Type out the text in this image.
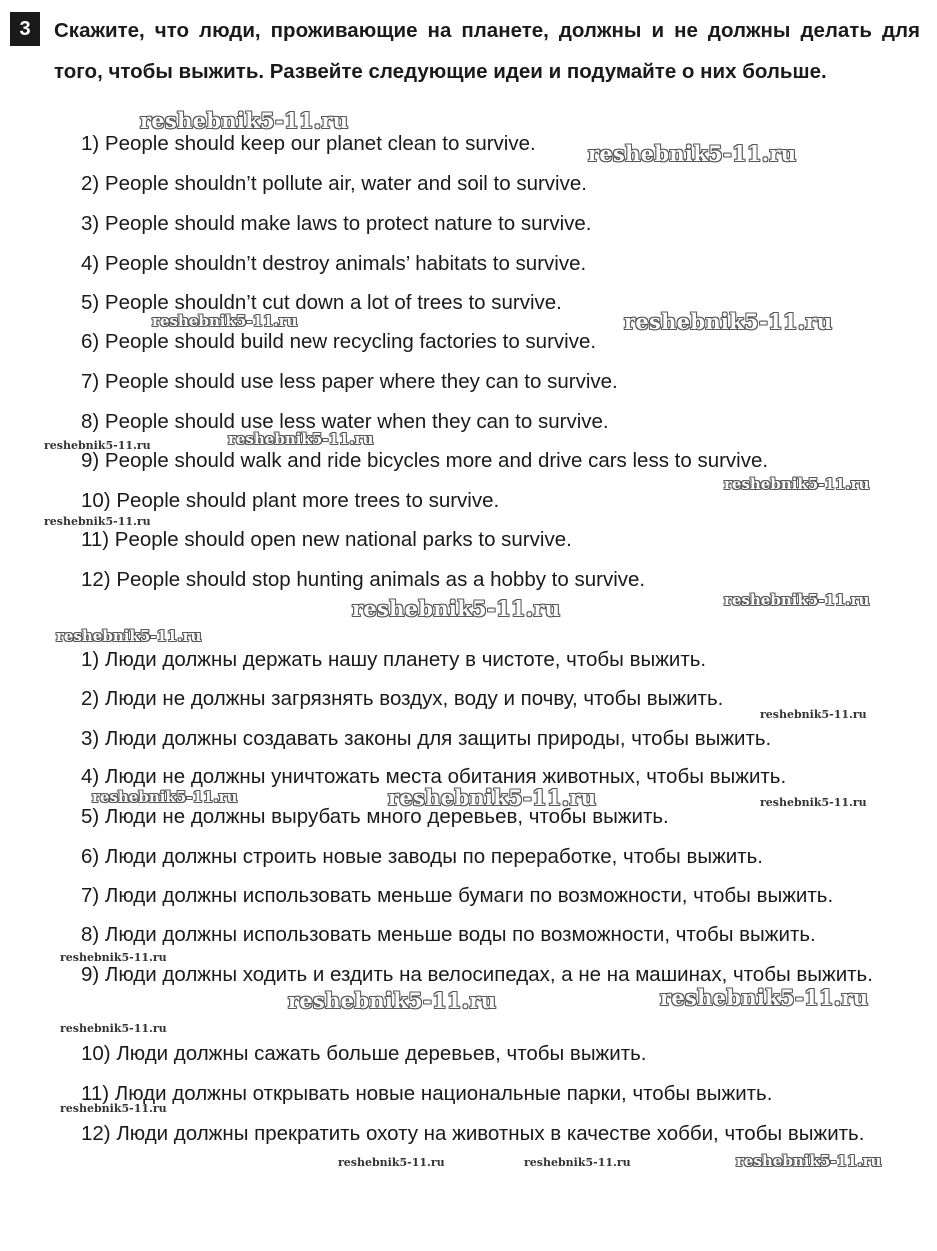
3 Скажите, что люди, проживающие на планете, должны и не должны делать для того, чтобы выжить. Развейте следующие идеи и подумайте о них больше.

1) People should keep our planet clean to survive.

2) People shouldn’t pollute air, water and soil to survive.

3) People should make laws to protect nature to survive.

4) People shouldn’t destroy animals’ habitats to survive.

5) People shouldn’t cut down a lot of trees to survive.

6) People should build new recycling factories to survive.

7) People should use less paper where they can to survive.

8) People should use less water when they can to survive.

9) People should walk and ride bicycles more and drive cars less to survive.

10) People should plant more trees to survive.

11) People should open new national parks to survive.

12) People should stop hunting animals as a hobby to survive.

1) Люди должны держать нашу планету в чистоте, чтобы выжить.

2) Люди не должны загрязнять воздух, воду и почву, чтобы выжить.

3) Люди должны создавать законы для защиты природы, чтобы выжить.

4) Люди не должны уничтожать места обитания животных, чтобы выжить.

5) Люди не должны вырубать много деревьев, чтобы выжить.

6) Люди должны строить новые заводы по переработке, чтобы выжить.

7) Люди должны использовать меньше бумаги по возможности, чтобы выжить.

8) Люди должны использовать меньше воды по возможности, чтобы выжить.

9) Люди должны ходить и ездить на велосипедах, а не на машинах, чтобы выжить.

10) Люди должны сажать больше деревьев, чтобы выжить.

11) Люди должны открывать новые национальные парки, чтобы выжить.

12) Люди должны прекратить охоту на животных в качестве хобби, чтобы выжить.

reshebnik5-11.ru
reshebnik5-11.ru
reshebnik5-11.ru	reshebnik5-11.ru
reshebnik5-11.ru	reshebnik5-11.ru
reshebnik5-11.ru
reshebnik5-11.ru
reshebnik5-11.ru	reshebnik5-11.ru
reshebnik5-11.ru
reshebnik5-11.ru
reshebnik5-11.ru	reshebnik5-11.ru	reshebnik5-11.ru
reshebnik5-11.ru
reshebnik5-11.ru	reshebnik5-11.ru
reshebnik5-11.ru
reshebnik5-11.ru
reshebnik5-11.ru	reshebnik5-11.ru	reshebnik5-11.ru
